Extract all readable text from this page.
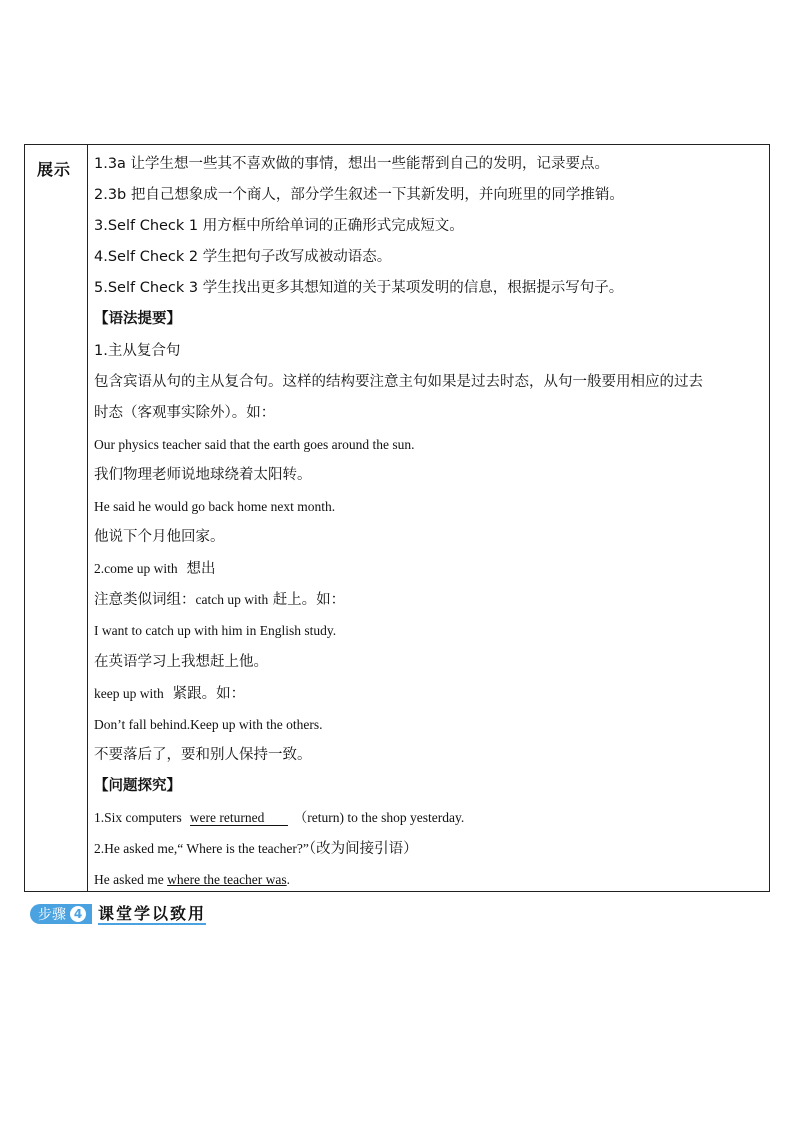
展示 1.3a 让学生想一些其不喜欢做的事情，想出一些能帮到自己的发明，记录要点。
2.3b 把自己想象成一个商人，部分学生叙述一下其新发明，并向班里的同学推销。
3.Self Check 1 用方框中所给单词的正确形式完成短文。
4.Self Check 2 学生把句子改写成被动语态。
5.Self Check 3 学生找出更多其想知道的关于某项发明的信息，根据提示写句子。
【语法提要】
1.主从复合句
包含宾语从句的主从复合句。这样的结构要注意主句如果是过去时态，从句一般要用相应的过去
时态（客观事实除外）。如：
Our physics teacher said that the earth goes around the sun.
我们物理老师说地球绕着太阳转。
He said he would go back home next month.
他说下个月他回家。
2.come up with 想出
注意类似词组：catch up with 赶上。如：
I want to catch up with him in English study.
在英语学习上我想赶上他。
keep up with 紧跟。如：
Don’t fall behind.Keep up with the others.
不要落后了，要和别人保持一致。
【问题探究】
1.Six computers were returned （return) to the shop yesterday.
2.He asked me,“ Where is the teacher?”（改为间接引语）
He asked me where the teacher was.
步骤 4 课堂学以致用
